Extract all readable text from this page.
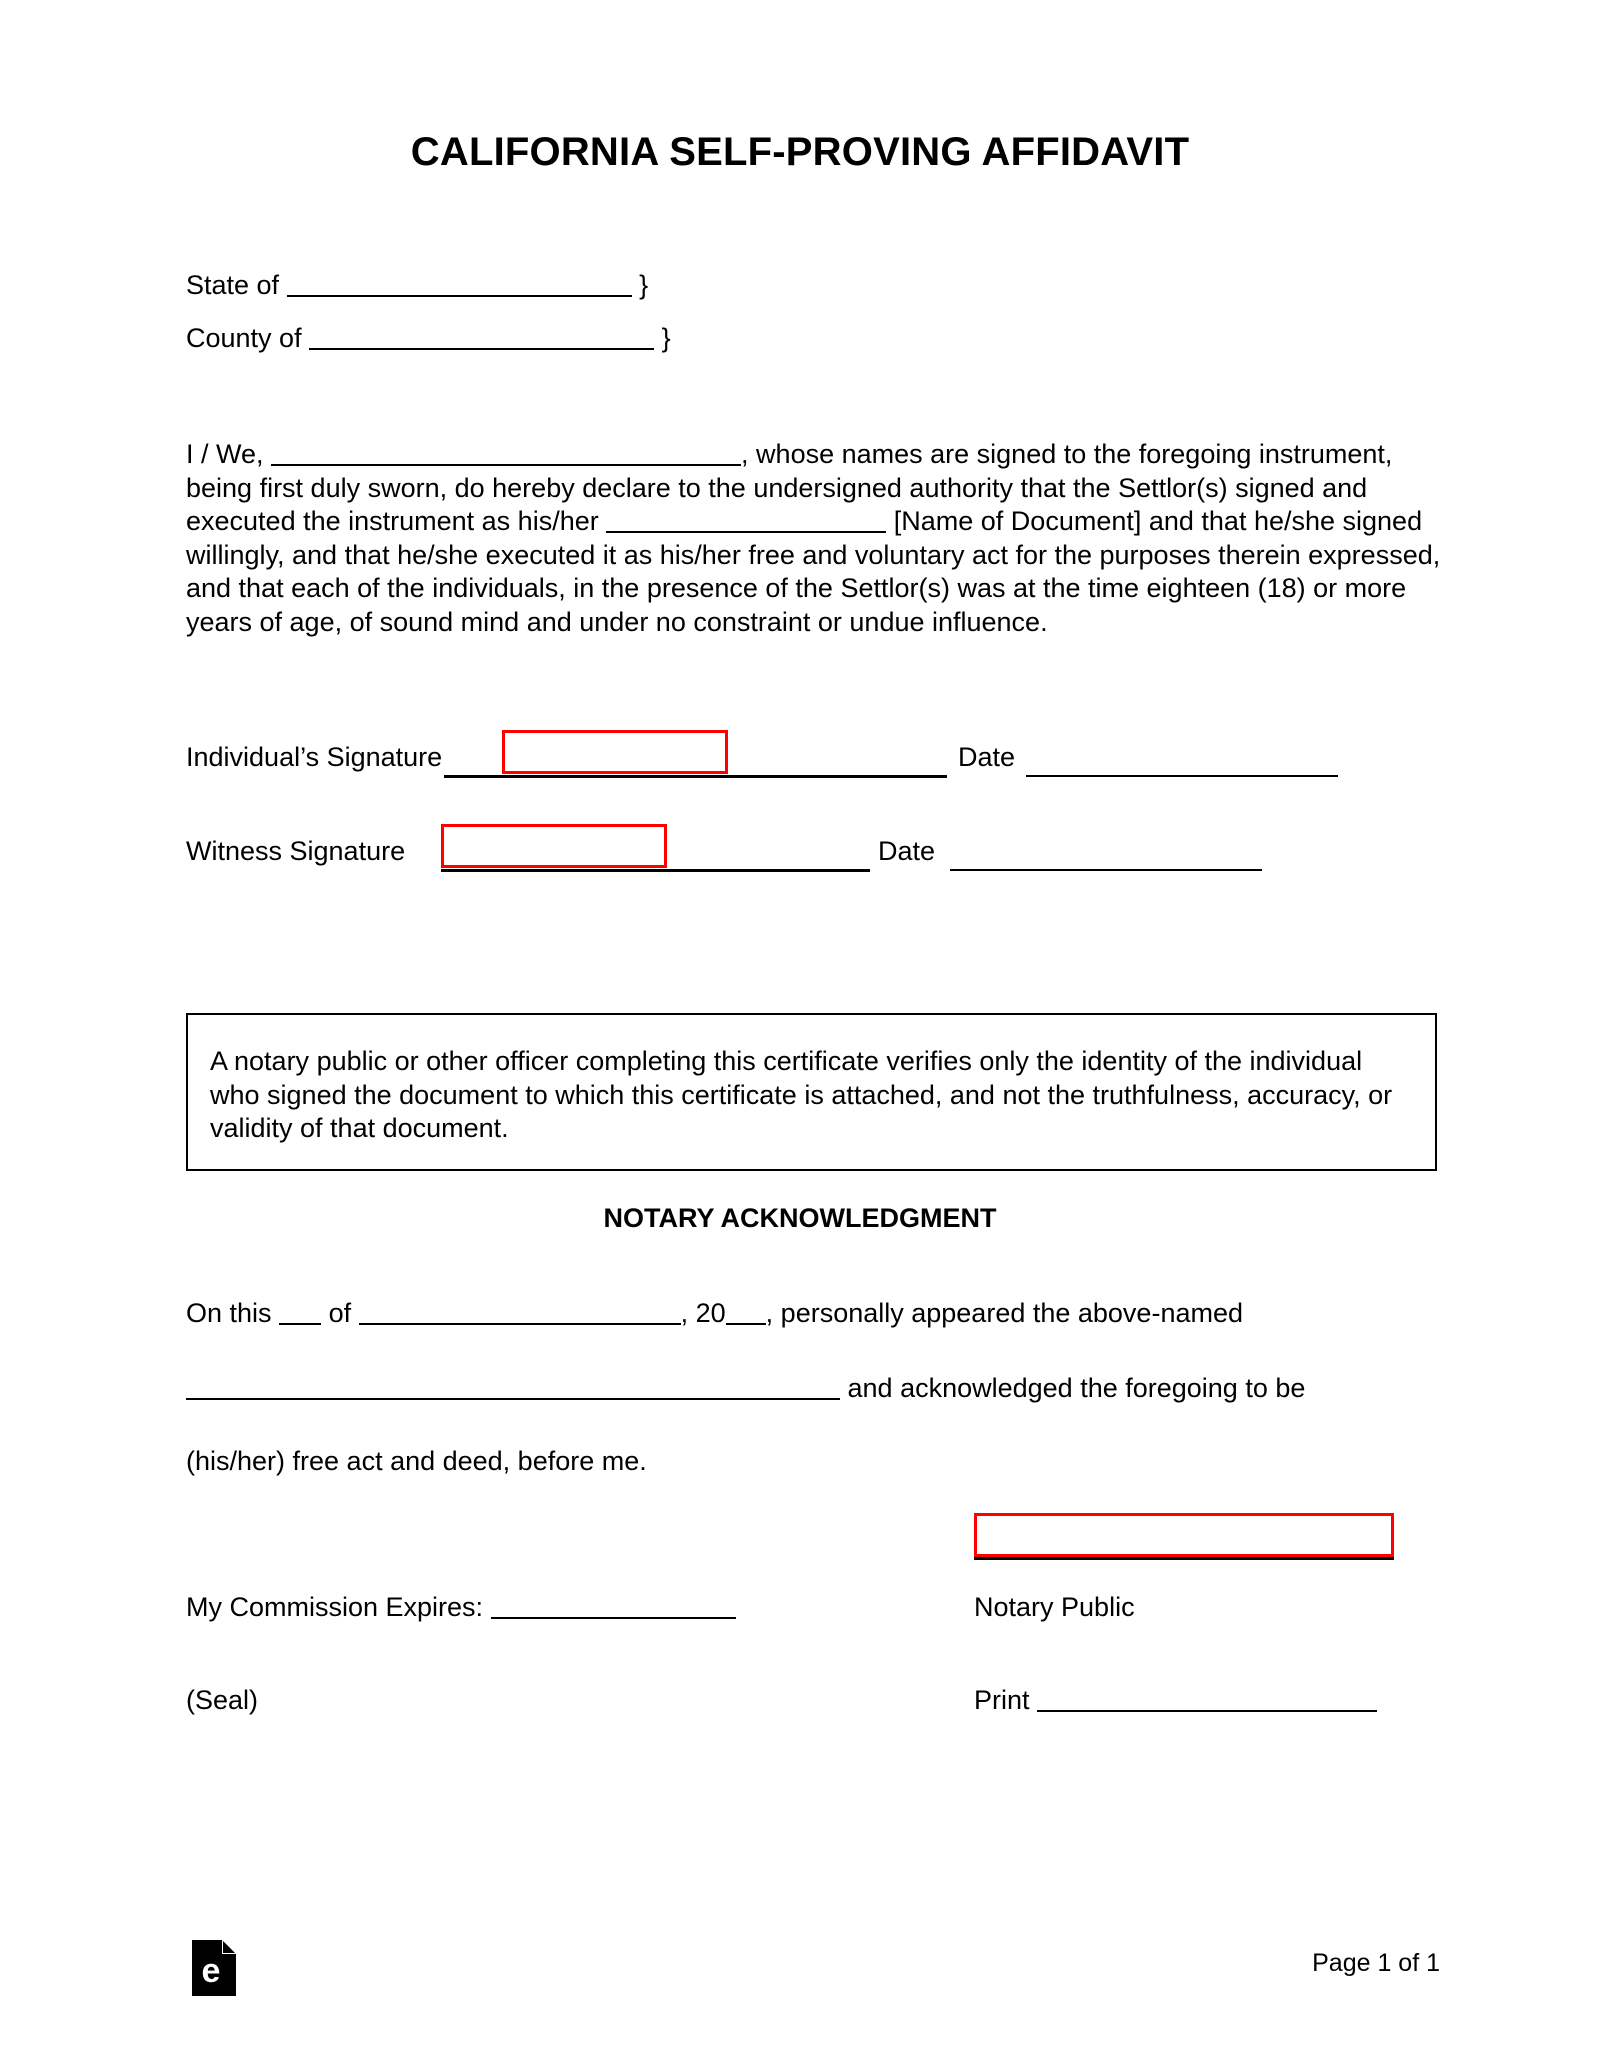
CALIFORNIA SELF-PROVING AFFIDAVIT
State of	}
County of	}
I / We,	, whose names are signed to the foregoing instrument, being first duly sworn, do hereby declare to the undersigned authority that the Settlor(s) signed and executed the instrument as his/her	[Name of Document] and that he/she signed willingly, and that he/she executed it as his/her free and voluntary act for the purposes therein expressed, and that each of the individuals, in the presence of the Settlor(s) was at the time eighteen (18) or more years of age, of sound mind and under no constraint or undue influence.
Individual’s Signature	Date
Witness Signature	Date
A notary public or other officer completing this certificate verifies only the identity of the individual who signed the document to which this certificate is attached, and not the truthfulness, accuracy, or validity of that document.
NOTARY ACKNOWLEDGMENT
On this of	, 20 , personally appeared the above-named
and acknowledged the foregoing to be
(his/her) free act and deed, before me.
My Commission Expires:	Notary Public
(Seal)	Print
e	Page 1 of 1
